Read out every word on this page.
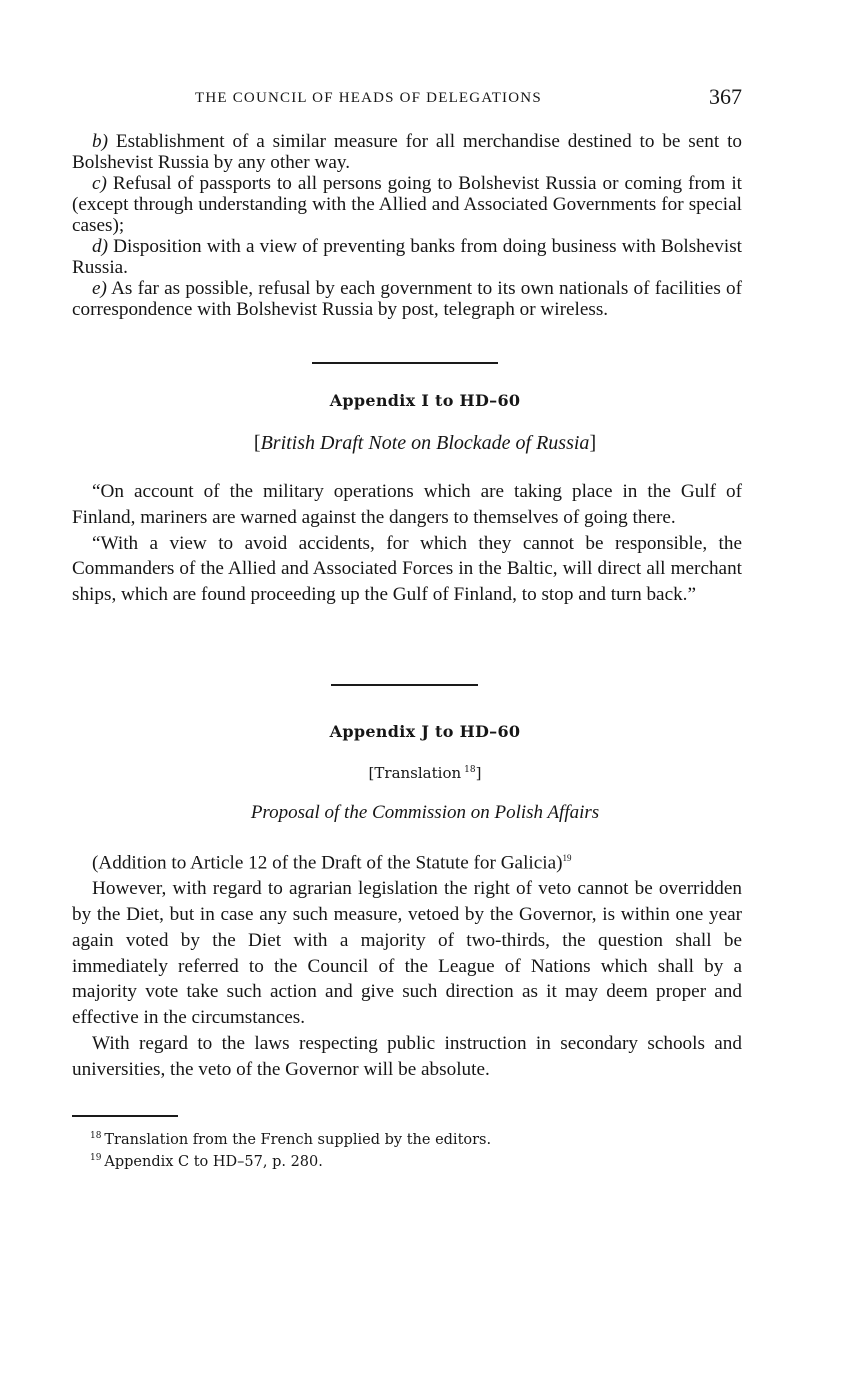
THE COUNCIL OF HEADS OF DELEGATIONS	367

b) Establishment of a similar measure for all merchandise destined to be sent to Bolshevist Russia by any other way.

c) Refusal of passports to all persons going to Bolshevist Russia or coming from it (except through understanding with the Allied and Associated Governments for special cases);

d) Disposition with a view of preventing banks from doing business with Bolshevist Russia.

e) As far as possible, refusal by each government to its own nationals of facilities of correspondence with Bolshevist Russia by post, telegraph or wireless.

Appendix I to HD–60
[British Draft Note on Blockade of Russia]

“On account of the military operations which are taking place in the Gulf of Finland, mariners are warned against the dangers to themselves of going there.

“With a view to avoid accidents, for which they cannot be responsible, the Commanders of the Allied and Associated Forces in the Baltic, will direct all merchant ships, which are found proceeding up the Gulf of Finland, to stop and turn back.”

Appendix J to HD–60
[Translation  $^{18}$]
Proposal of the Commission on Polish Affairs

(Addition to Article 12 of the Draft of the Statute for Galicia)$^{19}$

However, with regard to agrarian legislation the right of veto cannot be overridden by the Diet, but in case any such measure, vetoed by the Governor, is within one year again voted by the Diet with a majority of two-thirds, the question shall be immediately referred to the Council of the League of Nations which shall by a majority vote take such action and give such direction as it may deem proper and effective in the circumstances.

With regard to the laws respecting public instruction in secondary schools and universities, the veto of the Governor will be absolute.

$^{18}$  Translation from the French supplied by the editors.

$^{19}$  Appendix C to HD–57, p. 280.
